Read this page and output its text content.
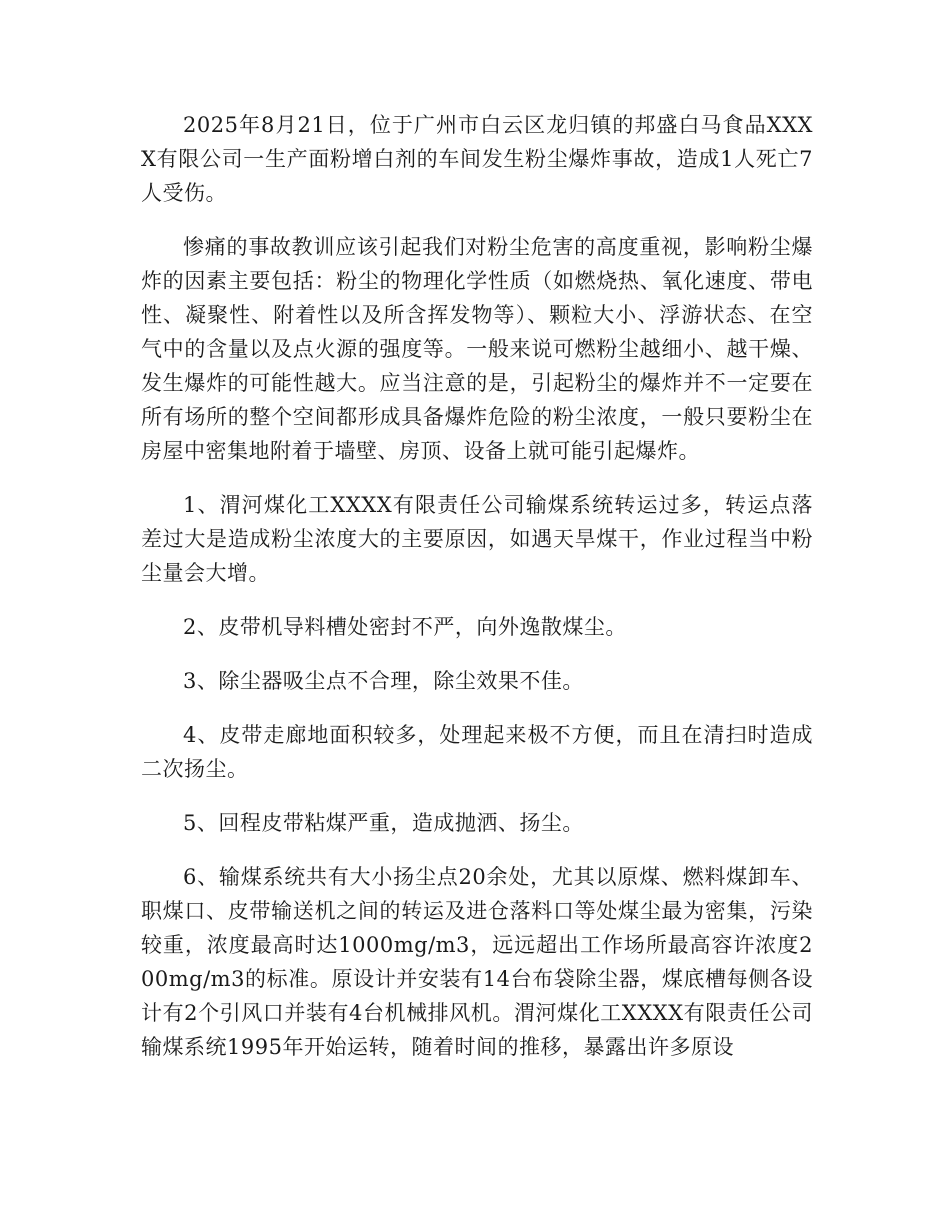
2025年8月21日，位于广州市白云区龙归镇的邦盛白马食品XXXX有限公司一生产面粉增白剂的车间发生粉尘爆炸事故，造成1人死亡7人受伤。

惨痛的事故教训应该引起我们对粉尘危害的高度重视，影响粉尘爆炸的因素主要包括：粉尘的物理化学性质（如燃烧热、氧化速度、带电性、凝聚性、附着性以及所含挥发物等）、颗粒大小、浮游状态、在空气中的含量以及点火源的强度等。一般来说可燃粉尘越细小、越干燥、发生爆炸的可能性越大。应当注意的是，引起粉尘的爆炸并不一定要在所有场所的整个空间都形成具备爆炸危险的粉尘浓度，一般只要粉尘在房屋中密集地附着于墙壁、房顶、设备上就可能引起爆炸。

1、渭河煤化工XXXX有限责任公司输煤系统转运过多，转运点落差过大是造成粉尘浓度大的主要原因，如遇天旱煤干，作业过程当中粉尘量会大增。

2、皮带机导料槽处密封不严，向外逸散煤尘。

3、除尘器吸尘点不合理，除尘效果不佳。

4、皮带走廊地面积较多，处理起来极不方便，而且在清扫时造成二次扬尘。

5、回程皮带粘煤严重，造成抛洒、扬尘。

6、输煤系统共有大小扬尘点20余处，尤其以原煤、燃料煤卸车、职煤口、皮带输送机之间的转运及进仓落料口等处煤尘最为密集，污染较重，浓度最高时达1000mg/m3，远远超出工作场所最高容许浓度200mg/m3的标准。原设计并安装有14台布袋除尘器，煤底槽每侧各设计有2个引风口并装有4台机械排风机。渭河煤化工XXXX有限责任公司输煤系统1995年开始运转，随着时间的推移，暴露出许多原设
